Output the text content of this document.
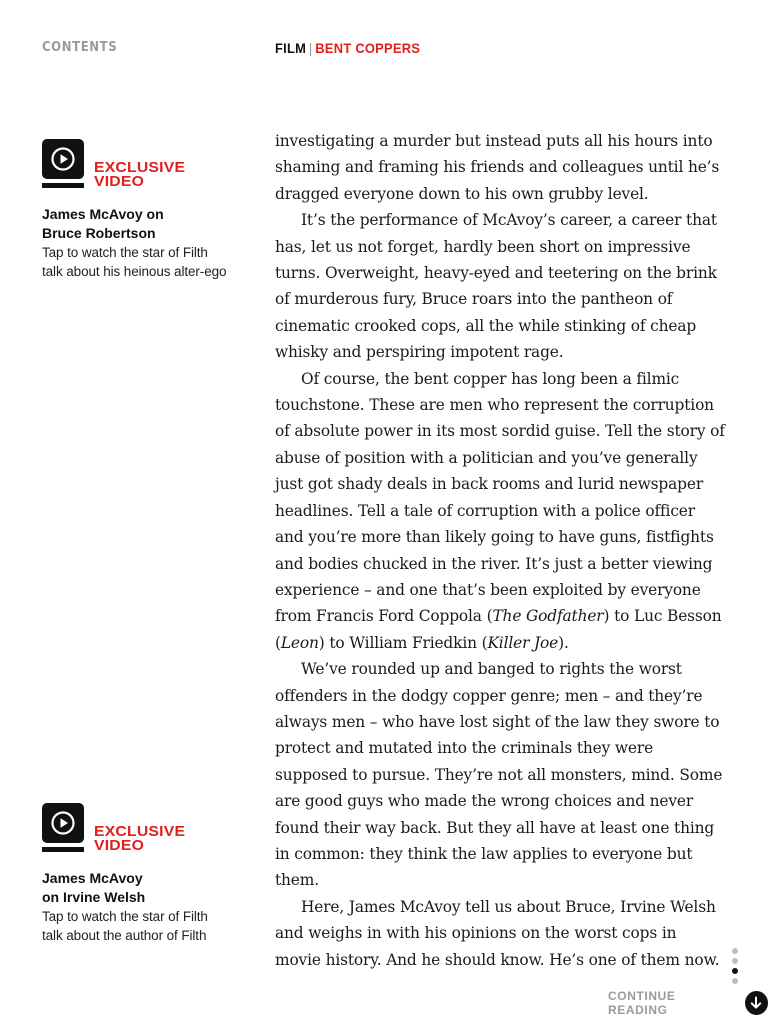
CONTENTS	FILM | BENT COPPERS
EXCLUSIVE
VIDEO
James McAvoy on
Bruce Robertson
Tap to watch the star of Filth
talk about his heinous alter-ego
EXCLUSIVE
VIDEO
James McAvoy
on Irvine Welsh
Tap to watch the star of Filth
talk about the author of Filth

investigating a murder but instead puts all his hours into shaming and framing his friends and colleagues until he’s dragged everyone down to his own grubby level.

It’s the performance of McAvoy’s career, a career that has, let us not forget, hardly been short on impressive turns. Overweight, heavy-eyed and teetering on the brink of murderous fury, Bruce roars into the pantheon of cinematic crooked cops, all the while stinking of cheap whisky and perspiring impotent rage.

Of course, the bent copper has long been a filmic touchstone. These are men who represent the corruption of absolute power in its most sordid guise. Tell the story of abuse of position with a politician and you’ve generally just got shady deals in back rooms and lurid newspaper headlines. Tell a tale of corruption with a police officer and you’re more than likely going to have guns, fistfights and bodies chucked in the river. It’s just a better viewing experience – and one that’s been exploited by everyone from Francis Ford Coppola (The Godfather) to Luc Besson (Leon) to William Friedkin (Killer Joe).

We’ve rounded up and banged to rights the worst offenders in the dodgy copper genre; men – and they’re always men – who have lost sight of the law they swore to protect and mutated into the criminals they were supposed to pursue. They’re not all monsters, mind. Some are good guys who made the wrong choices and never found their way back. But they all have at least one thing in common: they think the law applies to everyone but them.

Here, James McAvoy tell us about Bruce, Irvine Welsh and weighs in with his opinions on the worst cops in movie history. And he should know. He’s one of them now.

CONTINUE READING
